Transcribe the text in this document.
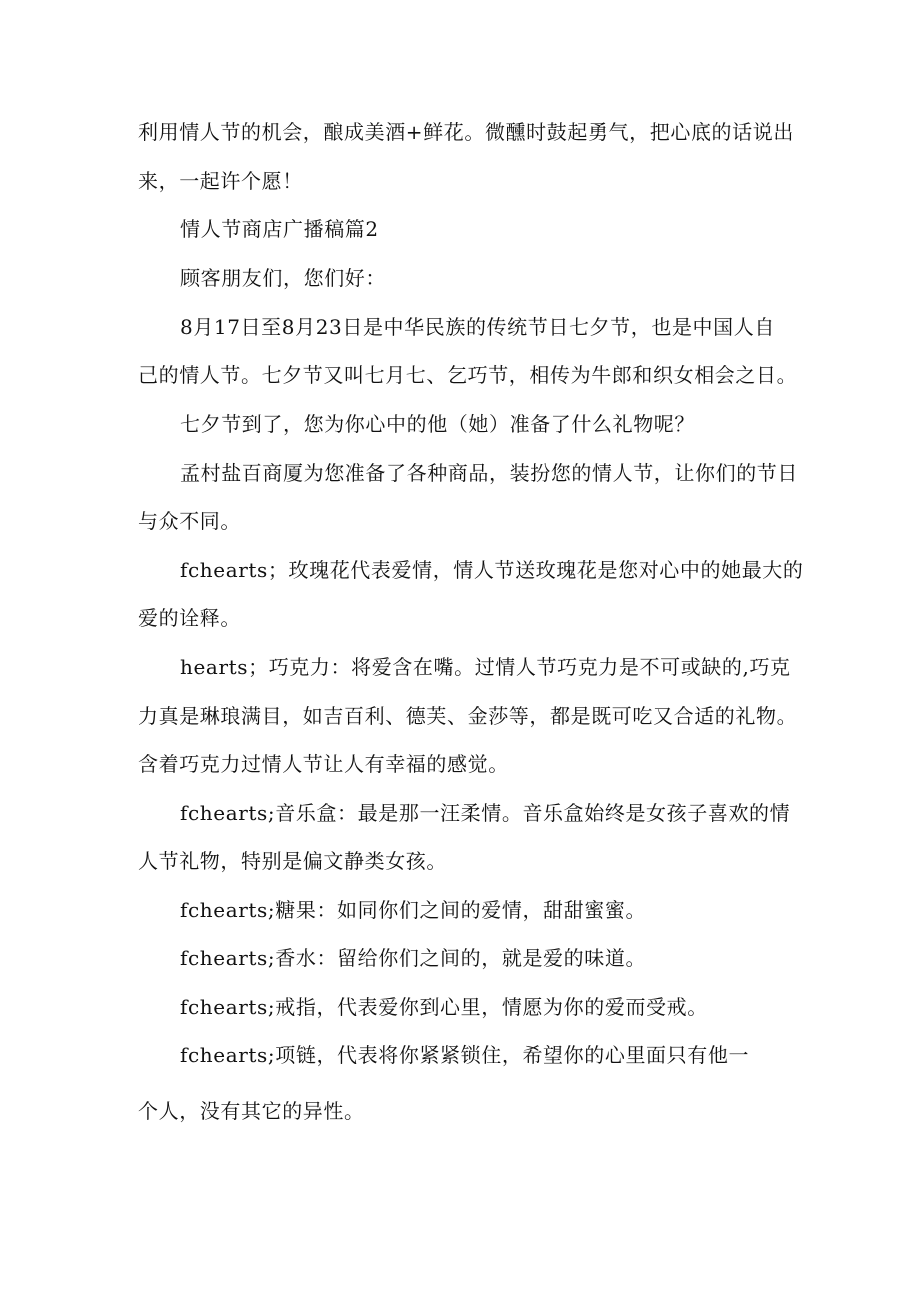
利用情人节的机会，酿成美酒+鲜花。微醺时鼓起勇气，把心底的话说出
来，一起许个愿！
情人节商店广播稿篇2
顾客朋友们，您们好：
8月17日至8月23日是中华民族的传统节日七夕节，也是中国人自
己的情人节。七夕节又叫七月七、乞巧节，相传为牛郎和织女相会之日。
七夕节到了，您为你心中的他（她）准备了什么礼物呢？
孟村盐百商厦为您准备了各种商品，装扮您的情人节，让你们的节日
与众不同。
fchearts；玫瑰花代表爱情，情人节送玫瑰花是您对心中的她最大的
爱的诠释。
hearts；巧克力：将爱含在嘴。过情人节巧克力是不可或缺的,巧克
力真是琳琅满目，如吉百利、德芙、金莎等，都是既可吃又合适的礼物。
含着巧克力过情人节让人有幸福的感觉。
fchearts;音乐盒：最是那一汪柔情。音乐盒始终是女孩子喜欢的情
人节礼物，特别是偏文静类女孩。
fchearts;糖果：如同你们之间的爱情，甜甜蜜蜜。
fchearts;香水：留给你们之间的，就是爱的味道。
fchearts;戒指，代表爱你到心里，情愿为你的爱而受戒。
fchearts;项链，代表将你紧紧锁住，希望你的心里面只有他一
个人，没有其它的异性。
